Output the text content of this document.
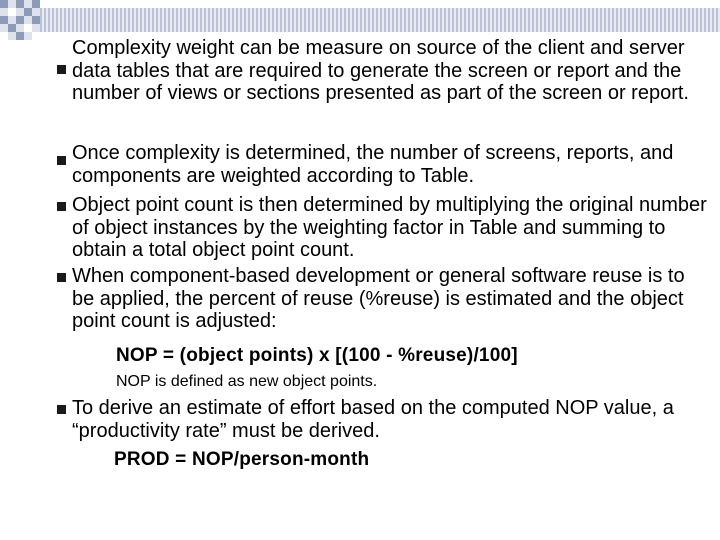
Complexity weight can be measure on source of the client and server data tables that are required to generate the screen or report and the number of views or sections presented as part of the screen or report.
Once complexity is determined, the number of screens, reports, and components are weighted according to Table.
Object point count is then determined by multiplying the original number of object instances by the weighting factor in Table and summing to obtain a total object point count.
When component-based development or general software reuse is to be applied, the percent of reuse (%reuse) is estimated and the object point count is adjusted:
NOP = (object points) x [(100 - %reuse)/100]
NOP is defined as new object points.
To derive an estimate of effort based on the computed NOP value, a “productivity rate” must be derived.
PROD = NOP/person-month
